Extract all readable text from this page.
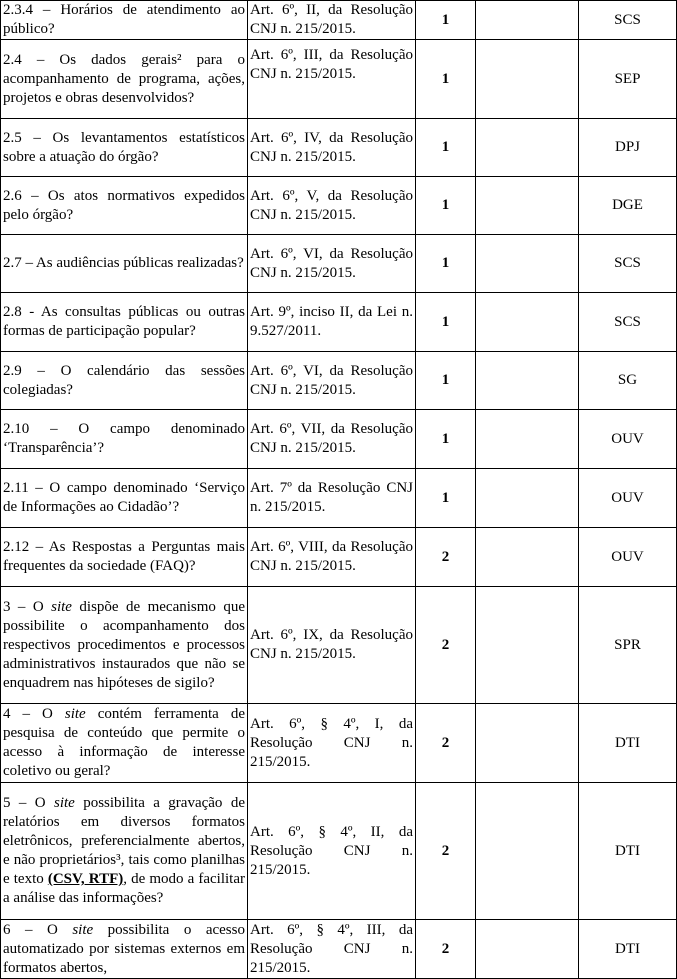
2.3.4 – Horários de atendimento ao público?	Art. 6º, II, da Resolução CNJ n. 215/2015.	1		SCS

2.4 – Os dados gerais² para o acompanhamento de programa, ações, projetos e obras desenvolvidos?	Art. 6º, III, da Resolução CNJ n. 215/2015.	1		SEP

2.5 – Os levantamentos estatísticos sobre a atuação do órgão?	Art. 6º, IV, da Resolução CNJ n. 215/2015.	1		DPJ

2.6 – Os atos normativos expedidos pelo órgão?	Art. 6º, V, da Resolução CNJ n. 215/2015.	1		DGE

2.7 – As audiências públicas realizadas?	Art. 6º, VI, da Resolução CNJ n. 215/2015.	1		SCS

2.8 - As consultas públicas ou outras formas de participação popular?	Art. 9º, inciso II, da Lei n. 9.527/2011.	1		SCS

2.9 – O calendário das sessões colegiadas?	Art. 6º, VI, da Resolução CNJ n. 215/2015.	1		SG

2.10 – O campo denominado ‘Transparência’?	Art. 6º, VII, da Resolução CNJ n. 215/2015.	1		OUV

2.11 – O campo denominado ‘Serviço de Informações ao Cidadão’?	Art. 7º da Resolução CNJ n. 215/2015.	1		OUV

2.12 – As Respostas a Perguntas mais frequentes da sociedade (FAQ)?	Art. 6º, VIII, da Resolução CNJ n. 215/2015.	2		OUV

3 – O site dispõe de mecanismo que possibilite o acompanhamento dos respectivos procedimentos e processos administrativos instaurados que não se enquadrem nas hipóteses de sigilo?	Art. 6º, IX, da Resolução CNJ n. 215/2015.	2		SPR

4 – O site contém ferramenta de pesquisa de conteúdo que permite o acesso à informação de interesse coletivo ou geral?	Art. 6º, § 4º, I, da Resolução CNJ n. 215/2015.	2		DTI

5 – O site possibilita a gravação de relatórios em diversos formatos eletrônicos, preferencialmente abertos, e não proprietários³, tais como planilhas e texto (CSV, RTF), de modo a facilitar a análise das informações?	Art. 6º, § 4º, II, da Resolução CNJ n. 215/2015.	2		DTI

6 – O site possibilita o acesso automatizado por sistemas externos em formatos abertos,	Art. 6º, § 4º, III, da Resolução CNJ n. 215/2015.	2		DTI
